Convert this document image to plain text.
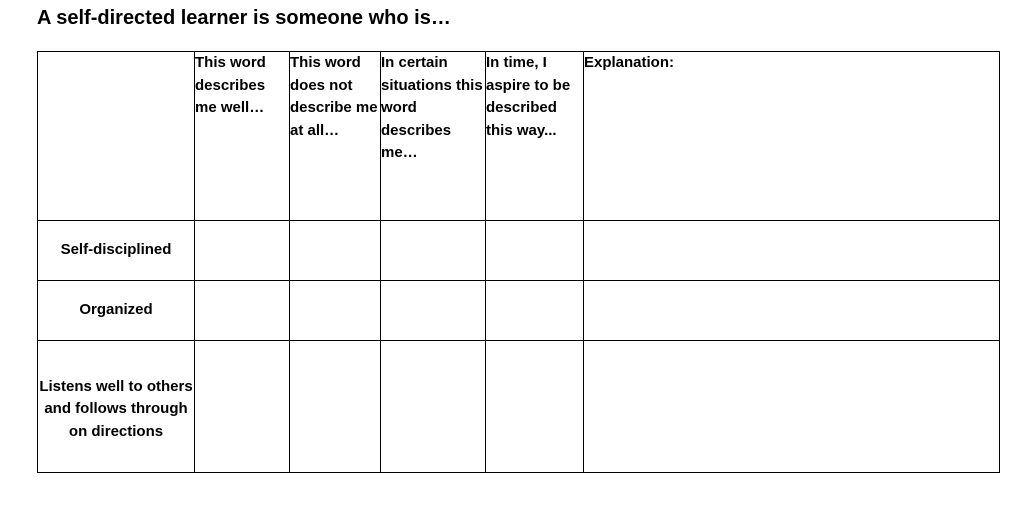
A self-directed learner is someone who is…
	This word describes me well…	This word does not describe me at all…	In certain situations this word describes me…	In time, I aspire to be described this way...	Explanation:
Self-disciplined					
Organized					
Listens well to others and follows through on directions					
